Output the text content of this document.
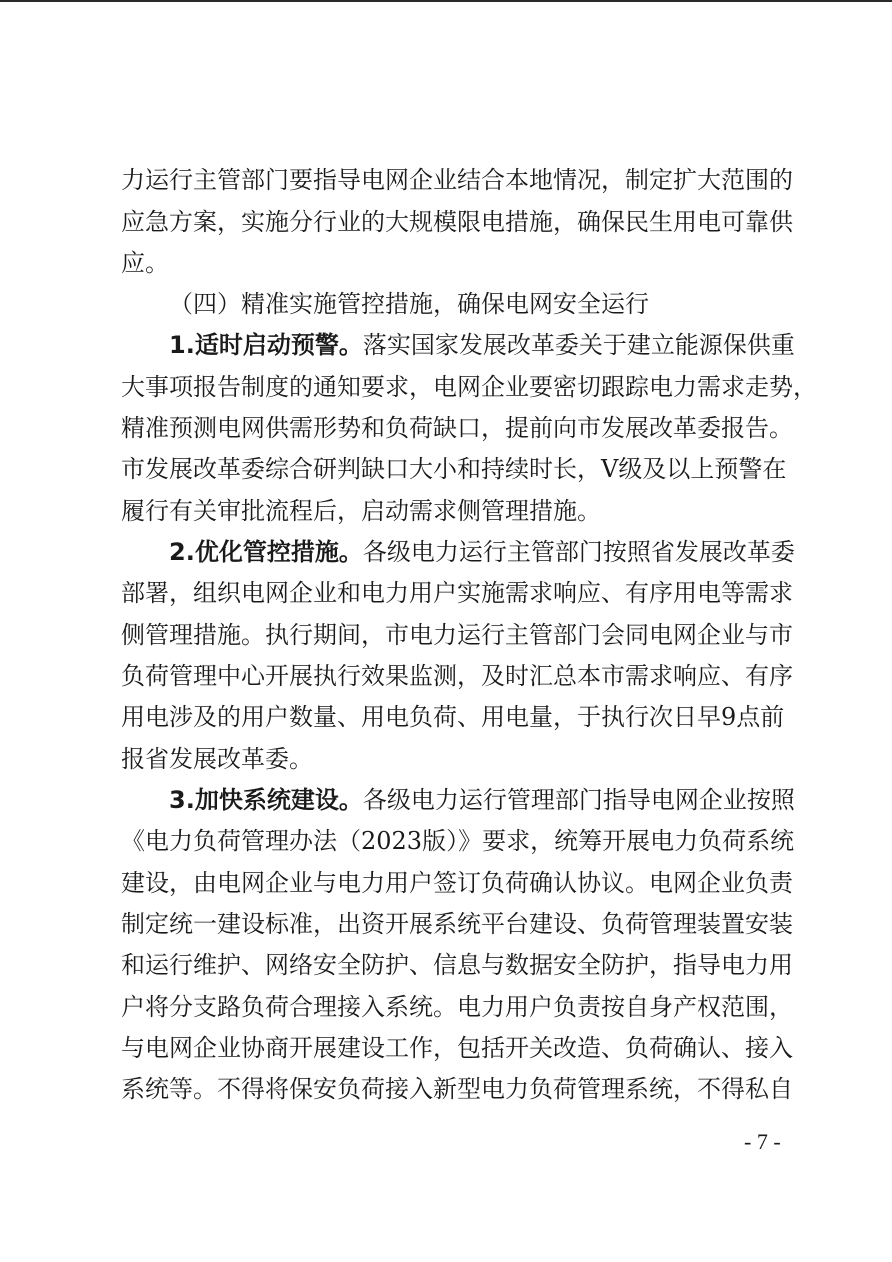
力运行主管部门要指导电网企业结合本地情况，制定扩大范围的
应急方案，实施分行业的大规模限电措施，确保民生用电可靠供
应。
（四）精准实施管控措施，确保电网安全运行
1.适时启动预警。落实国家发展改革委关于建立能源保供重
大事项报告制度的通知要求，电网企业要密切跟踪电力需求走势，
精准预测电网供需形势和负荷缺口，提前向市发展改革委报告。
市发展改革委综合研判缺口大小和持续时长，Ⅴ级及以上预警在
履行有关审批流程后，启动需求侧管理措施。
2.优化管控措施。各级电力运行主管部门按照省发展改革委
部署，组织电网企业和电力用户实施需求响应、有序用电等需求
侧管理措施。执行期间，市电力运行主管部门会同电网企业与市
负荷管理中心开展执行效果监测，及时汇总本市需求响应、有序
用电涉及的用户数量、用电负荷、用电量，于执行次日早9点前
报省发展改革委。
3.加快系统建设。各级电力运行管理部门指导电网企业按照
《电力负荷管理办法（2023版）》要求，统筹开展电力负荷系统
建设，由电网企业与电力用户签订负荷确认协议。电网企业负责
制定统一建设标准，出资开展系统平台建设、负荷管理装置安装
和运行维护、网络安全防护、信息与数据安全防护，指导电力用
户将分支路负荷合理接入系统。电力用户负责按自身产权范围，
与电网企业协商开展建设工作，包括开关改造、负荷确认、接入
系统等。不得将保安负荷接入新型电力负荷管理系统，不得私自
- 7 -
